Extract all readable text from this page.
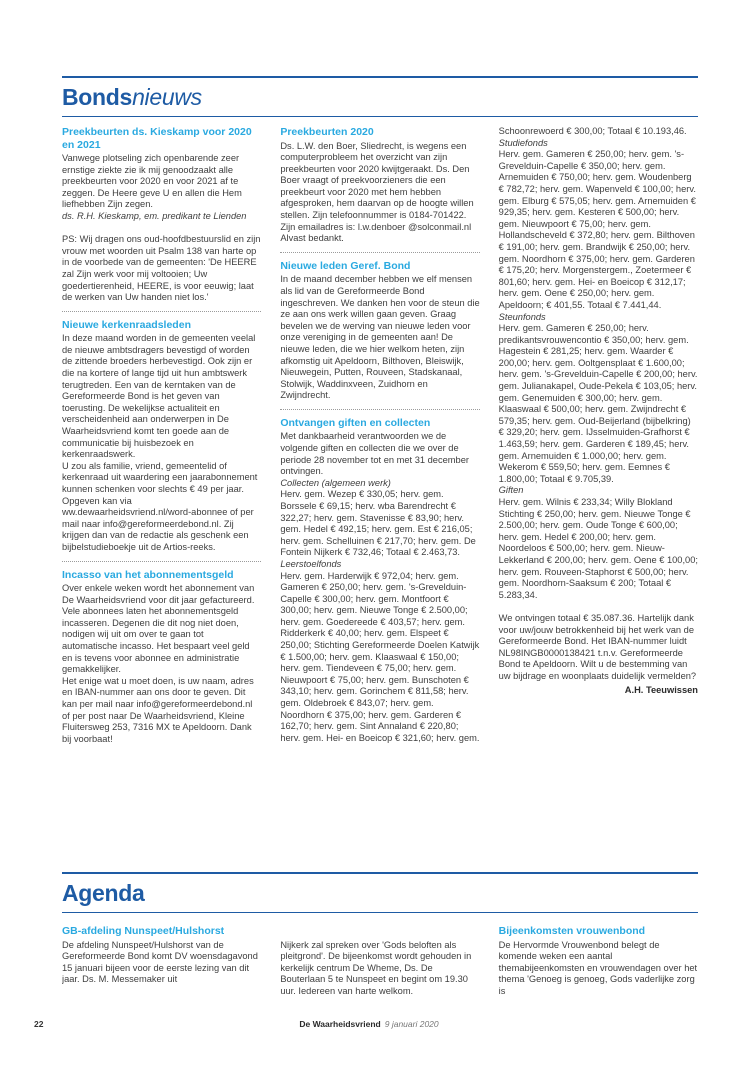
Bondsnieuws
Preekbeurten ds. Kieskamp voor 2020 en 2021

Vanwege plotseling zich openbarende zeer ernstige ziekte zie ik mij genoodzaakt alle preekbeurten voor 2020 en voor 2021 af te zeggen. De Heere geve U en allen die Hem liefhebben Zijn zegen.

ds. R.H. Kieskamp, em. predikant te Lienden

PS: Wij dragen ons oud-hoofdbestuurslid en zijn vrouw met woorden uit Psalm 138 van harte op in de voorbede van de gemeenten: 'De HEERE zal Zijn werk voor mij voltooien; Uw goedertierenheid, HEERE, is voor eeuwig; laat de werken van Uw handen niet los.'

Nieuwe kerkenraadsleden

In deze maand worden in de gemeenten veelal de nieuwe ambtsdragers bevestigd of worden de zittende broeders herbevestigd. Ook zijn er die na kortere of lange tijd uit hun ambtswerk terugtreden. Een van de kerntaken van de Gereformeerde Bond is het geven van toerusting. De wekelijkse actualiteit en verscheidenheid aan onderwerpen in De Waarheidsvriend komt ten goede aan de communicatie bij huisbezoek en kerkenraadswerk.

U zou als familie, vriend, gemeentelid of kerkenraad uit waardering een jaarabonnement kunnen schenken voor slechts € 49 per jaar. Opgeven kan via ww.dewaarheidsvriend.nl/word-abonnee of per mail naar info@gereformeerdebond.nl. Zij krijgen dan van de redactie als geschenk een bijbelstudieboekje uit de Artios-reeks.

Incasso van het abonnementsgeld

Over enkele weken wordt het abonnement van De Waarheidsvriend voor dit jaar gefactureerd. Vele abonnees laten het abonnementsgeld incasseren. Degenen die dit nog niet doen, nodigen wij uit om over te gaan tot automatische incasso. Het bespaart veel geld en is tevens voor abonnee en administratie gemakkelijker.

Het enige wat u moet doen, is uw naam, adres en IBAN-nummer aan ons door te geven. Dit kan per mail naar info@gereformeerdebond.nl of per post naar De Waarheidsvriend, Kleine Fluitersweg 253, 7316 MX te Apeldoorn. Dank bij voorbaat!

Preekbeurten 2020

Ds. L.W. den Boer, Sliedrecht, is wegens een computerprobleem het overzicht van zijn preekbeurten voor 2020 kwijtgeraakt. Ds. Den Boer vraagt of preekvoorzieners die een preekbeurt voor 2020 met hem hebben afgesproken, hem daarvan op de hoogte willen stellen. Zijn telefoonnummer is 0184-701422. Zijn emailadres is: l.w.denboer @solconmail.nl Alvast bedankt.

Nieuwe leden Geref. Bond

In de maand december hebben we elf mensen als lid van de Gereformeerde Bond ingeschreven. We danken hen voor de steun die ze aan ons werk willen gaan geven. Graag bevelen we de werving van nieuwe leden voor onze vereniging in de gemeenten aan! De nieuwe leden, die we hier welkom heten, zijn afkomstig uit Apeldoorn, Bilthoven, Bleiswijk, Nieuwegein, Putten, Rouveen, Stadskanaal, Stolwijk, Waddinxveen, Zuidhorn en Zwijndrecht.

Ontvangen giften en collecten

Met dankbaarheid verantwoorden we de volgende giften en collecten die we over de periode 28 november tot en met 31 december ontvingen.

Collecten (algemeen werk)

Herv. gem. Wezep € 330,05; herv. gem. Borssele € 69,15; herv. wba Barendrecht € 322,27; herv. gem. Stavenisse € 83,90; herv. gem. Hedel € 492,15; herv. gem. Est € 216,05; herv. gem. Schelluinen € 217,70; herv. gem. De Fontein Nijkerk € 732,46; Totaal € 2.463,73.

Leerstoelfonds

Herv. gem. Harderwijk € 972,04; herv. gem. Gameren € 250,00; herv. gem. 's-Grevelduin-Capelle € 300,00; herv. gem. Montfoort € 300,00; herv. gem. Nieuwe Tonge € 2.500,00; herv. gem. Goedereede € 403,57; herv. gem. Ridderkerk € 40,00; herv. gem. Elspeet € 250,00; Stichting Gereformeerde Doelen Katwijk € 1.500,00; herv. gem. Klaaswaal € 150,00; herv. gem. Tiendeveen € 75,00; herv. gem. Nieuwpoort € 75,00; herv. gem. Bunschoten € 343,10; herv. gem. Gorinchem € 811,58; herv. gem. Oldebroek € 843,07; herv. gem. Noordhorn € 375,00; herv. gem. Garderen € 162,70; herv. gem. Sint Annaland € 220,80; herv. gem. Hei- en Boeicop € 321,60; herv. gem.

Schoonrewoerd € 300,00; Totaal € 10.193,46.

Studiefonds

Herv. gem. Gameren € 250,00; herv. gem. 's-Grevelduin-Capelle € 350,00; herv. gem. Arnemuiden € 750,00; herv. gem. Woudenberg € 782,72; herv. gem. Wapenveld € 100,00; herv. gem. Elburg € 575,05; herv. gem. Arnemuiden € 929,35; herv. gem. Kesteren € 500,00; herv. gem. Nieuwpoort € 75,00; herv. gem. Hollandscheveld € 372,80; herv. gem. Bilthoven € 191,00; herv. gem. Brandwijk € 250,00; herv. gem. Noordhorn € 375,00; herv. gem. Garderen € 175,20; herv. Morgenstergem., Zoetermeer € 801,60; herv. gem. Hei- en Boeicop € 312,17; herv. gem. Oene € 250,00; herv. gem. Apeldoorn; € 401,55. Totaal € 7.441,44.

Steunfonds

Herv. gem. Gameren € 250,00; herv. predikantsvrouwencontio € 350,00; herv. gem. Hagestein € 281,25; herv. gem. Waarder € 200,00; herv. gem. Ooltgensplaat € 1.600,00; herv. gem. 's-Grevelduin-Capelle € 200,00; herv. gem. Julianakapel, Oude-Pekela € 103,05; herv. gem. Genemuiden € 300,00; herv. gem. Klaaswaal € 500,00; herv. gem. Zwijndrecht € 579,35; herv. gem. Oud-Beijerland (bijbelkring) € 329,20; herv. gem. IJsselmuiden-Grafhorst € 1.463,59; herv. gem. Garderen € 189,45; herv. gem. Arnemuiden € 1.000,00; herv. gem. Wekerom € 559,50; herv. gem. Eemnes € 1.800,00; Totaal € 9.705,39.

Giften

Herv. gem. Wilnis € 233,34; Willy Blokland Stichting € 250,00; herv. gem. Nieuwe Tonge € 2.500,00; herv. gem. Oude Tonge € 600,00; herv. gem. Hedel € 200,00; herv. gem. Noordeloos € 500,00; herv. gem. Nieuw-Lekkerland € 200,00; herv. gem. Oene € 100,00; herv. gem. Rouveen-Staphorst € 500,00; herv. gem. Noordhorn-Saaksum € 200; Totaal € 5.283,34.

We ontvingen totaal € 35.087.36. Hartelijk dank voor uw/jouw betrokkenheid bij het werk van de Gereformeerde Bond. Het IBAN-nummer luidt NL98INGB0000138421 t.n.v. Gereformeerde Bond te Apeldoorn. Wilt u de bestemming van uw bijdrage en woonplaats duidelijk vermelden?

A.H. Teeuwissen

Agenda
GB-afdeling Nunspeet/Hulshorst

De afdeling Nunspeet/Hulshorst van de Gereformeerde Bond komt DV woensdagavond 15 januari bijeen voor de eerste lezing van dit jaar. Ds. M. Messemaker uit

Nijkerk zal spreken over 'Gods beloften als pleitgrond'. De bijeenkomst wordt gehouden in kerkelijk centrum De Wheme, Ds. De Bouterlaan 5 te Nunspeet en begint om 19.30 uur. Iedereen van harte welkom.

Bijeenkomsten vrouwenbond

De Hervormde Vrouwenbond belegt de komende weken een aantal themabijeenkomsten en vrouwendagen over het thema 'Genoeg is genoeg, Gods vaderlijke zorg is

22	De Waarheidsvriend 9 januari 2020
